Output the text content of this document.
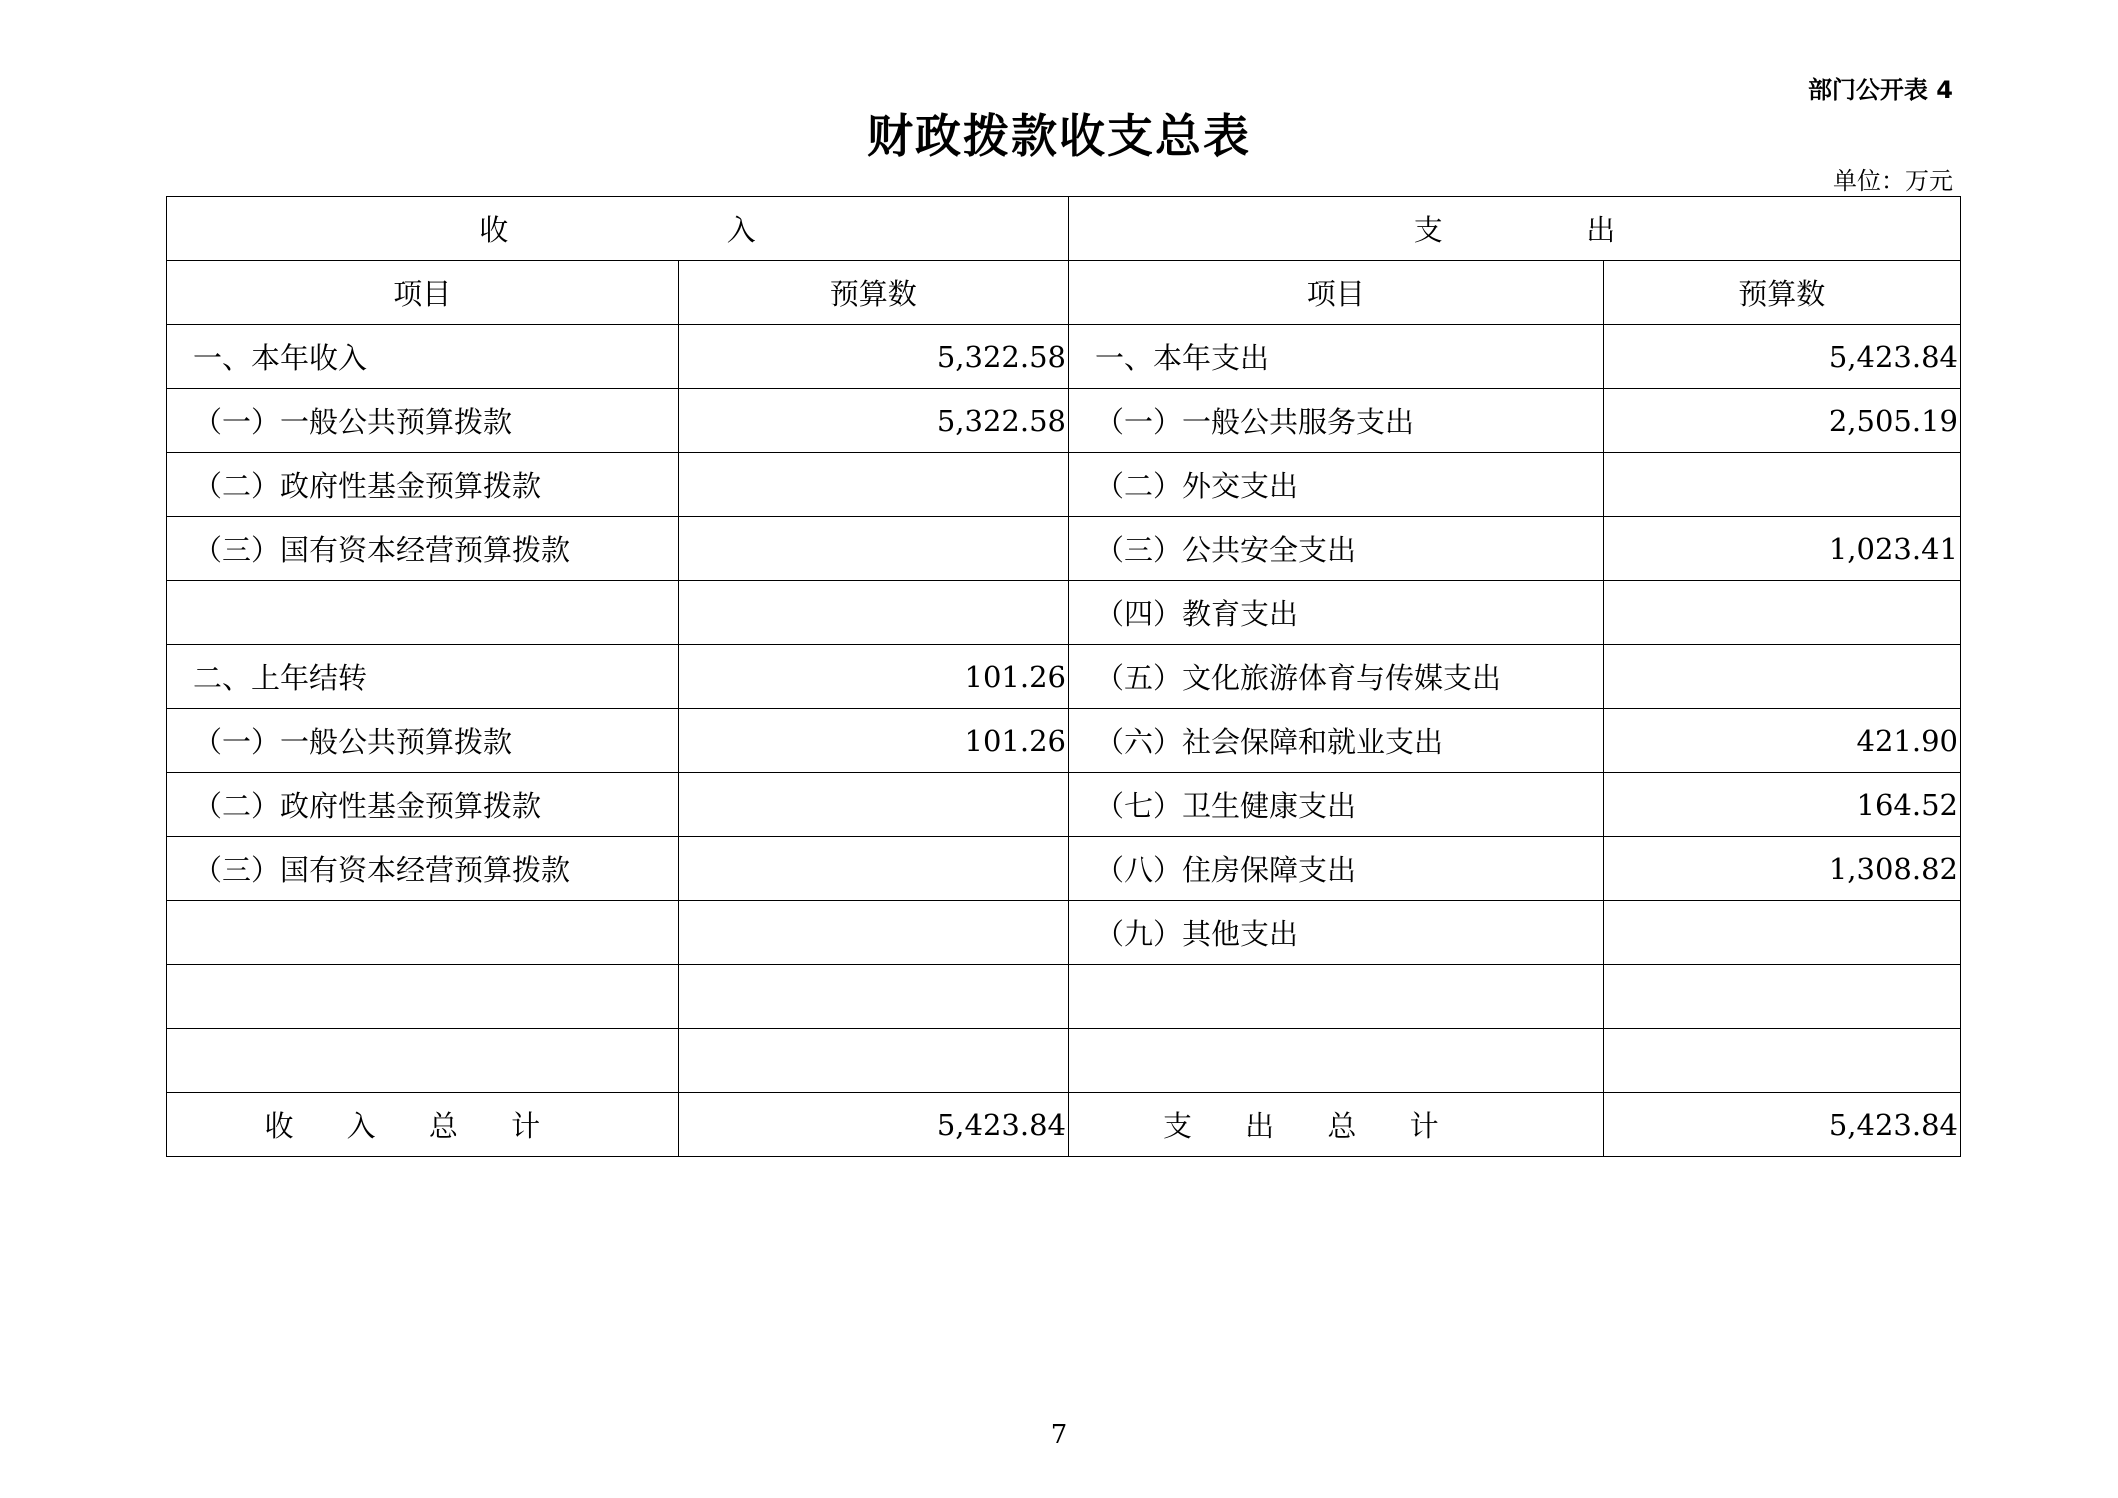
部门公开表 4
财政拨款收支总表
单位：万元
收 入		支 出	
项目	预算数	项目	预算数
一、本年收入	5,322.58	一、本年支出	5,423.84
（一）一般公共预算拨款	5,322.58	（一）一般公共服务支出	2,505.19
（二）政府性基金预算拨款		（二）外交支出	
（三）国有资本经营预算拨款		（三）公共安全支出	1,023.41
		（四）教育支出	
二、上年结转	101.26	（五）文化旅游体育与传媒支出	
（一）一般公共预算拨款	101.26	（六）社会保障和就业支出	421.90
（二）政府性基金预算拨款		（七）卫生健康支出	164.52
（三）国有资本经营预算拨款		（八）住房保障支出	1,308.82
		（九）其他支出	

收 入 总 计	5,423.84	支 出 总 计	5,423.84
7
